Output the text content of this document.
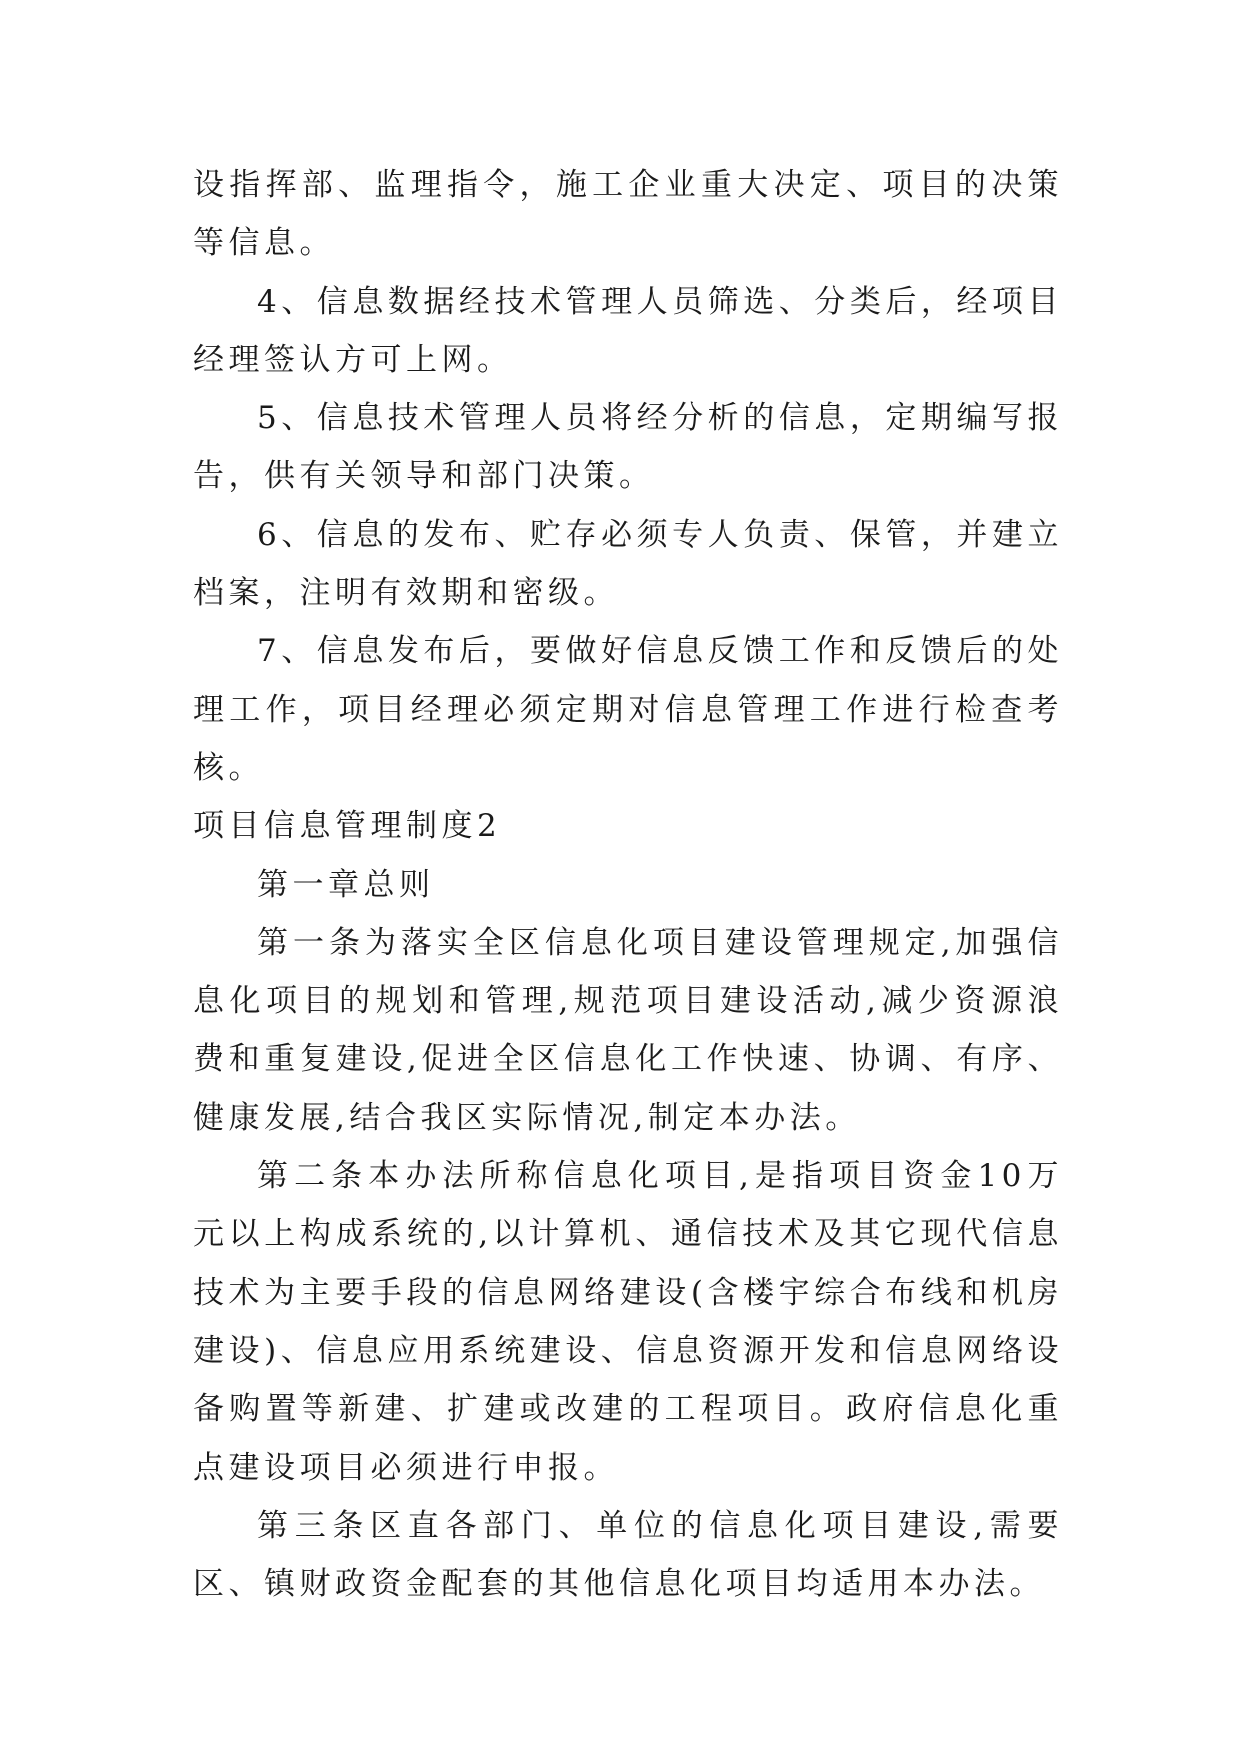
设指挥部、监理指令，施工企业重大决定、项目的决策等信息。

4、信息数据经技术管理人员筛选、分类后，经项目经理签认方可上网。

5、信息技术管理人员将经分析的信息，定期编写报告，供有关领导和部门决策。

6、信息的发布、贮存必须专人负责、保管，并建立档案，注明有效期和密级。

7、信息发布后，要做好信息反馈工作和反馈后的处理工作，项目经理必须定期对信息管理工作进行检查考核。

项目信息管理制度2

第一章总则

第一条为落实全区信息化项目建设管理规定,加强信息化项目的规划和管理,规范项目建设活动,减少资源浪费和重复建设,促进全区信息化工作快速、协调、有序、健康发展,结合我区实际情况,制定本办法。

第二条本办法所称信息化项目,是指项目资金10万元以上构成系统的,以计算机、通信技术及其它现代信息技术为主要手段的信息网络建设(含楼宇综合布线和机房建设)、信息应用系统建设、信息资源开发和信息网络设备购置等新建、扩建或改建的工程项目。政府信息化重点建设项目必须进行申报。

第三条区直各部门、单位的信息化项目建设,需要区、镇财政资金配套的其他信息化项目均适用本办法。
